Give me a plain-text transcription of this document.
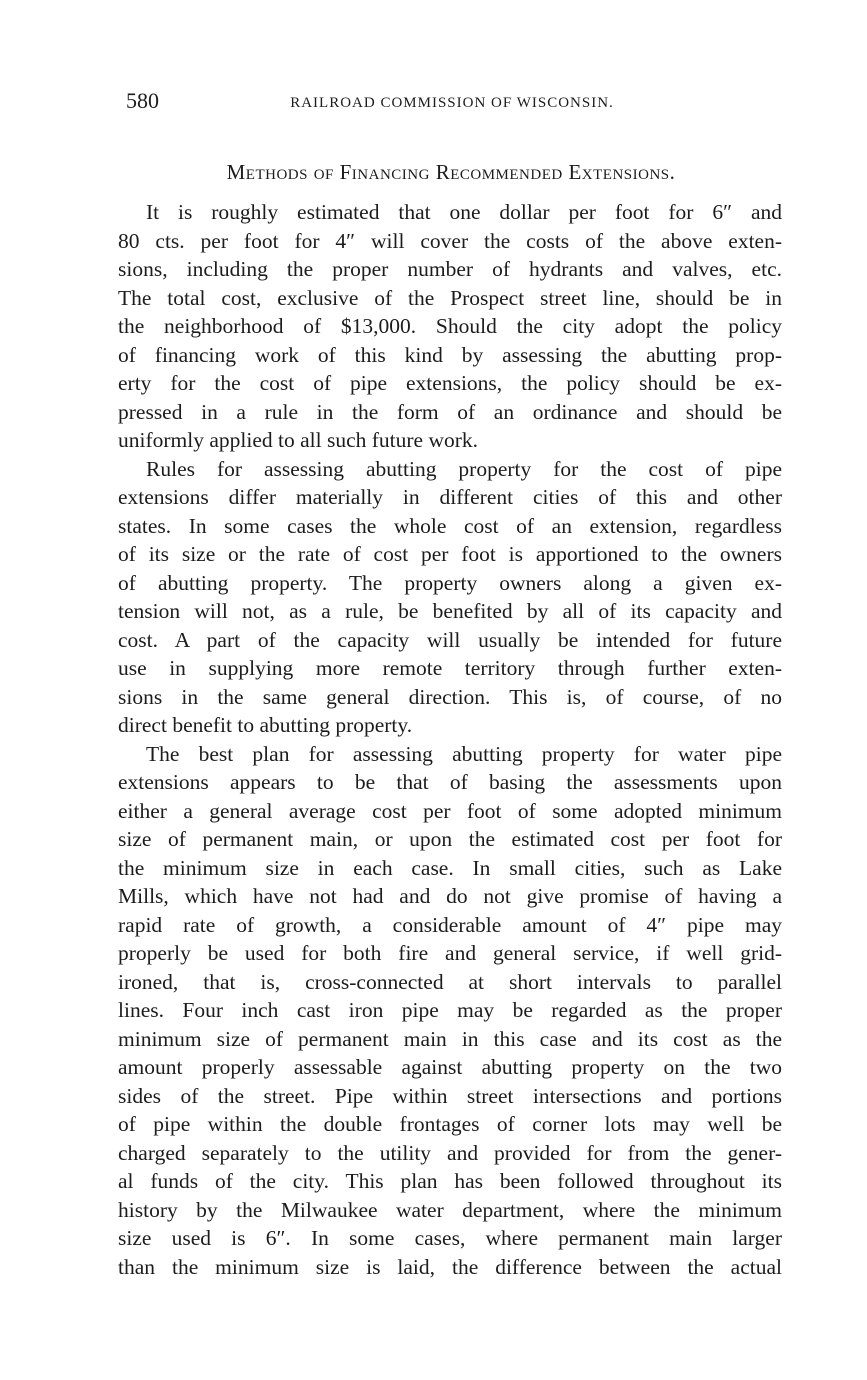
580	RAILROAD COMMISSION OF WISCONSIN.
Methods of Financing Recommended Extensions.
It is roughly estimated that one dollar per foot for 6″ and
80 cts. per foot for 4″ will cover the costs of the above exten-
sions, including the proper number of hydrants and valves, etc.
The total cost, exclusive of the Prospect street line, should be in
the neighborhood of $13,000. Should the city adopt the policy
of financing work of this kind by assessing the abutting prop-
erty for the cost of pipe extensions, the policy should be ex-
pressed in a rule in the form of an ordinance and should be
uniformly applied to all such future work.
Rules for assessing abutting property for the cost of pipe
extensions differ materially in different cities of this and other
states. In some cases the whole cost of an extension, regardless
of its size or the rate of cost per foot is apportioned to the owners
of abutting property. The property owners along a given ex-
tension will not, as a rule, be benefited by all of its capacity and
cost. A part of the capacity will usually be intended for future
use in supplying more remote territory through further exten-
sions in the same general direction. This is, of course, of no
direct benefit to abutting property.
The best plan for assessing abutting property for water pipe
extensions appears to be that of basing the assessments upon
either a general average cost per foot of some adopted minimum
size of permanent main, or upon the estimated cost per foot for
the minimum size in each case. In small cities, such as Lake
Mills, which have not had and do not give promise of having a
rapid rate of growth, a considerable amount of 4″ pipe may
properly be used for both fire and general service, if well grid-
ironed, that is, cross-connected at short intervals to parallel
lines. Four inch cast iron pipe may be regarded as the proper
minimum size of permanent main in this case and its cost as the
amount properly assessable against abutting property on the two
sides of the street. Pipe within street intersections and portions
of pipe within the double frontages of corner lots may well be
charged separately to the utility and provided for from the gener-
al funds of the city. This plan has been followed throughout its
history by the Milwaukee water department, where the minimum
size used is 6″. In some cases, where permanent main larger
than the minimum size is laid, the difference between the actual
